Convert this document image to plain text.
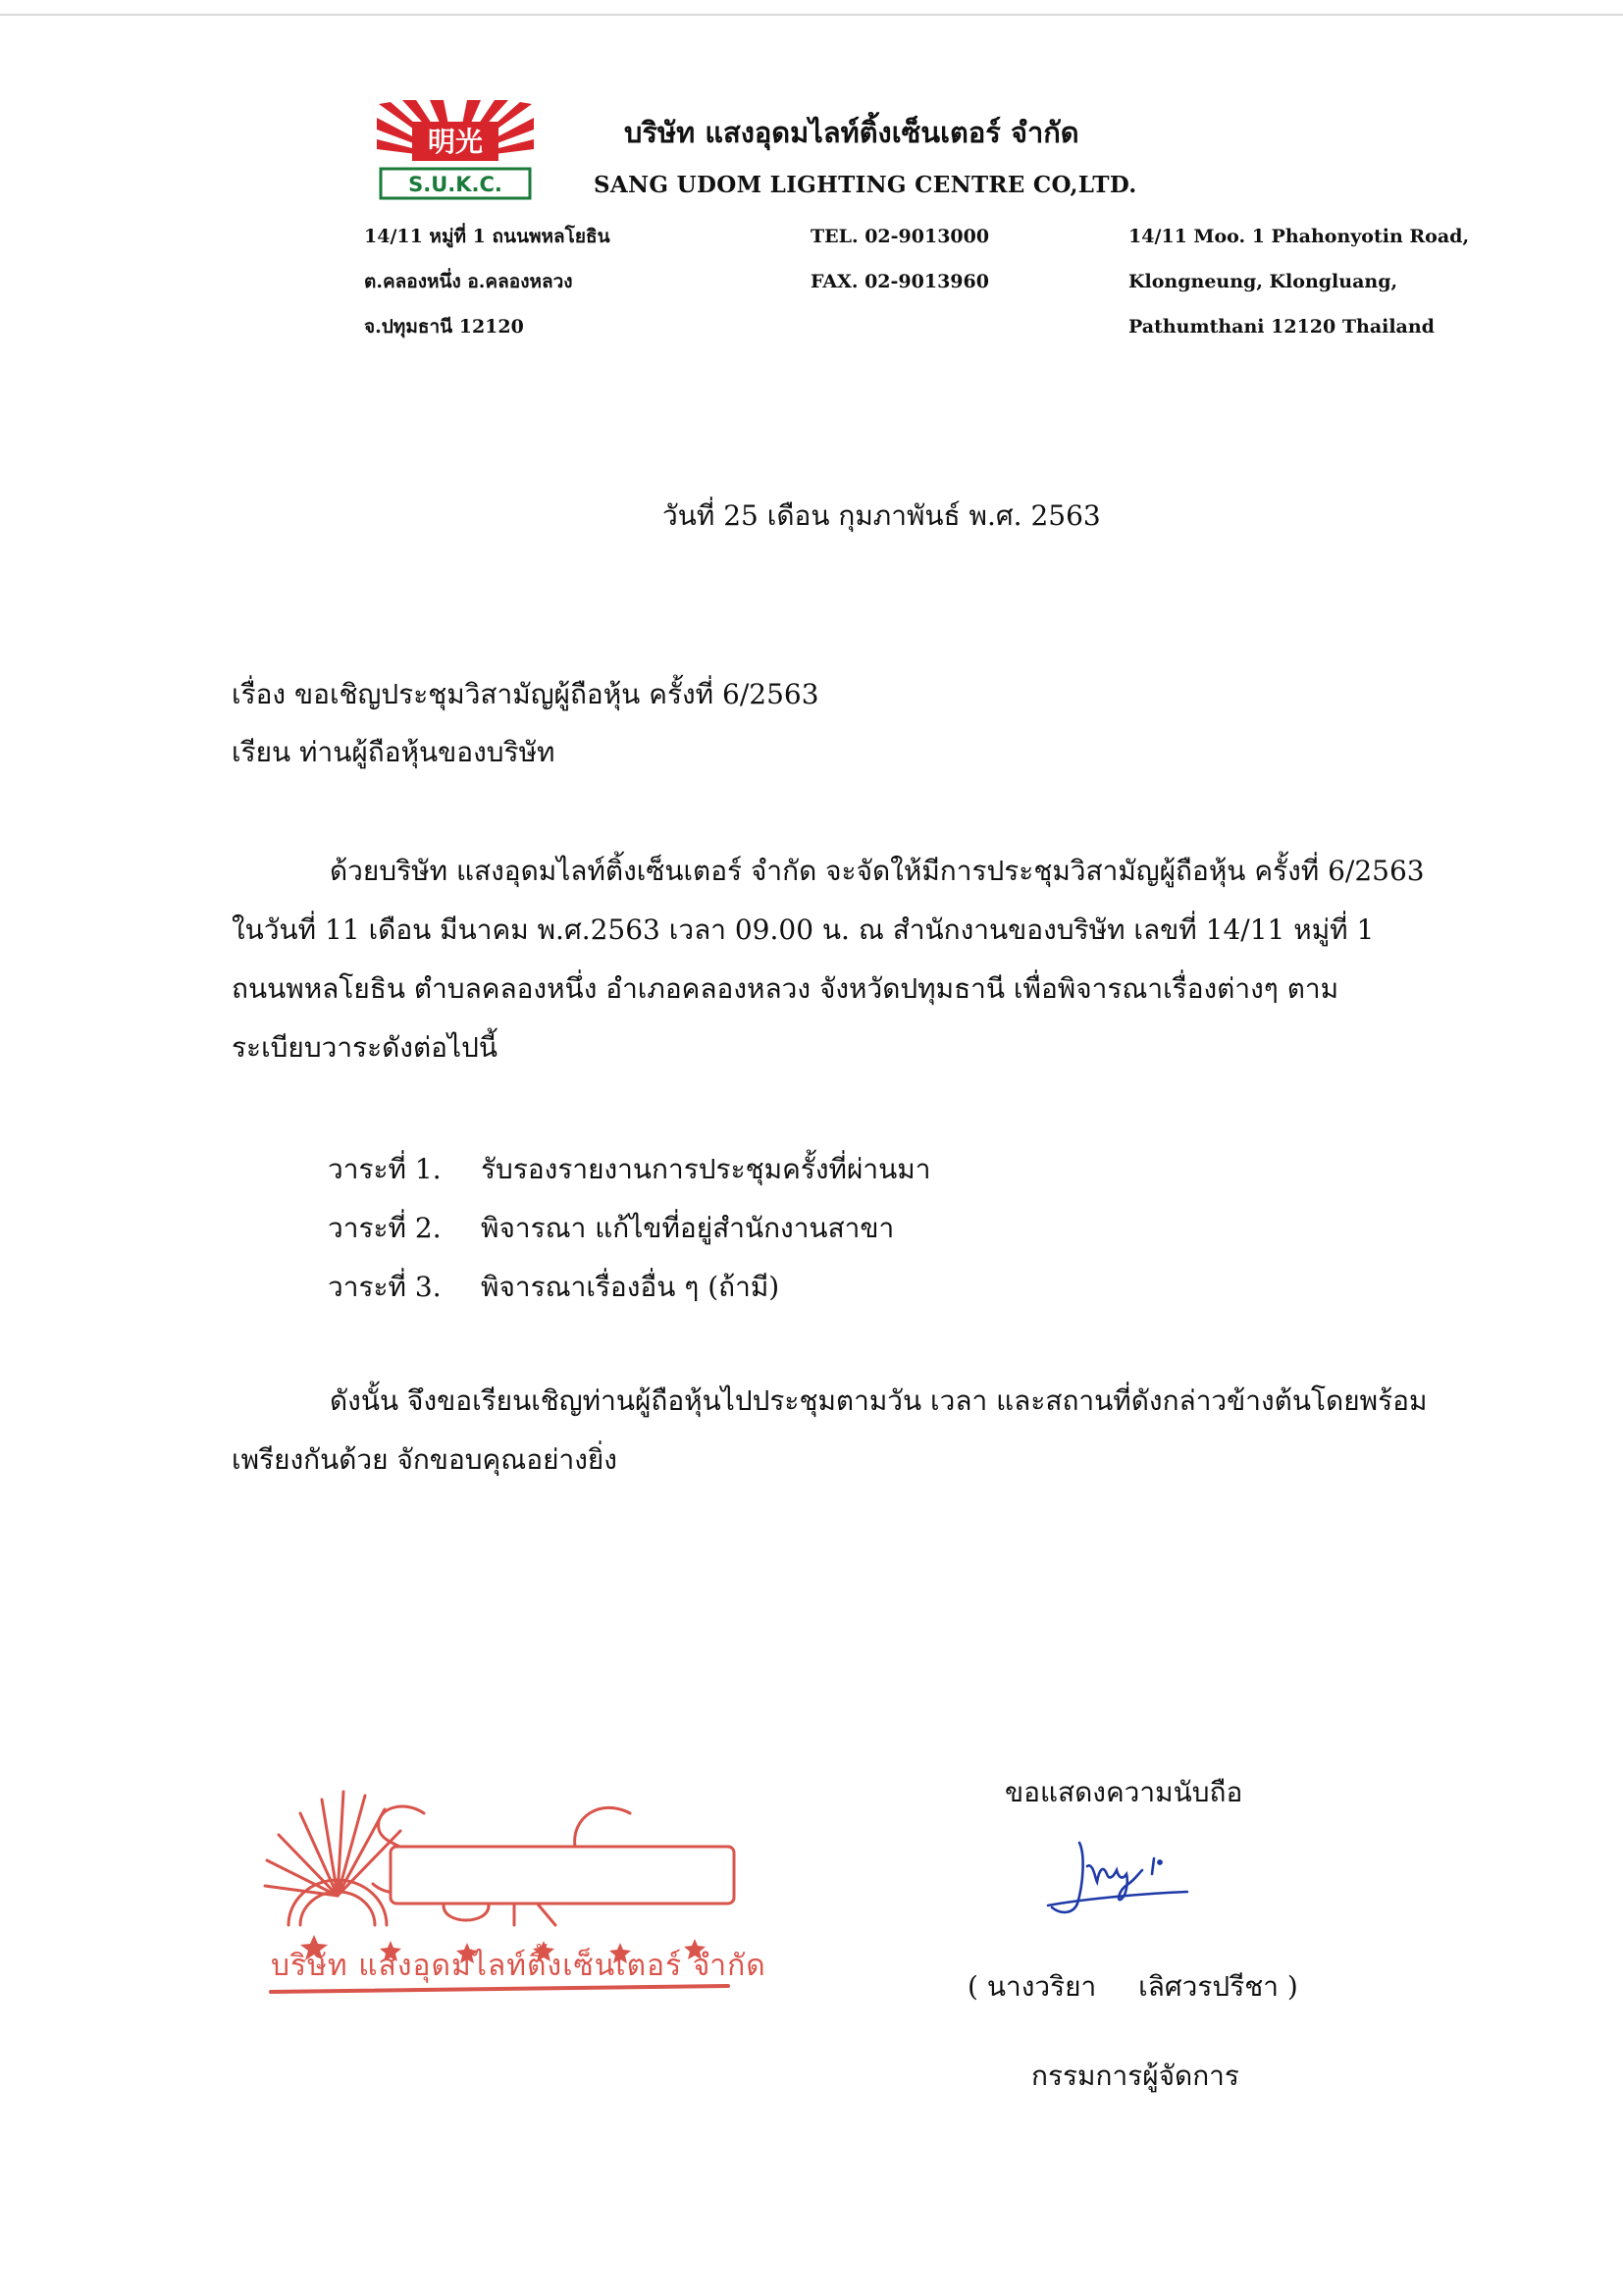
明光
S.U.K.C.
บริษัท แสงอุดมไลท์ติ้งเซ็นเตอร์ จำกัด
SANG UDOM LIGHTING CENTRE CO,LTD.
14/11 หมู่ที่ 1 ถนนพหลโยธิน
ต.คลองหนึ่ง อ.คลองหลวง
จ.ปทุมธานี 12120
TEL. 02-9013000
FAX. 02-9013960
14/11 Moo. 1 Phahonyotin Road,
Klongneung, Klongluang,
Pathumthani 12120 Thailand
วันที่ 25 เดือน กุมภาพันธ์ พ.ศ. 2563
เรื่อง ขอเชิญประชุมวิสามัญผู้ถือหุ้น ครั้งที่ 6/2563
เรียน ท่านผู้ถือหุ้นของบริษัท
ด้วยบริษัท แสงอุดมไลท์ติ้งเซ็นเตอร์ จำกัด จะจัดให้มีการประชุมวิสามัญผู้ถือหุ้น ครั้งที่ 6/2563
ในวันที่ 11 เดือน มีนาคม พ.ศ.2563 เวลา 09.00 น. ณ สำนักงานของบริษัท เลขที่ 14/11 หมู่ที่ 1
ถนนพหลโยธิน ตำบลคลองหนึ่ง อำเภอคลองหลวง จังหวัดปทุมธานี เพื่อพิจารณาเรื่องต่างๆ ตาม
ระเบียบวาระดังต่อไปนี้
วาระที่ 1. รับรองรายงานการประชุมครั้งที่ผ่านมา
วาระที่ 2. พิจารณา แก้ไขที่อยู่สำนักงานสาขา
วาระที่ 3. พิจารณาเรื่องอื่น ๆ (ถ้ามี)
ดังนั้น จึงขอเรียนเชิญท่านผู้ถือหุ้นไปประชุมตามวัน เวลา และสถานที่ดังกล่าวข้างต้นโดยพร้อม
เพรียงกันด้วย จักขอบคุณอย่างยิ่ง
ขอแสดงความนับถือ
( นางวริยา เลิศวรปรีชา )
กรรมการผู้จัดการ
บริษัท แสงอุดมไลท์ติ้งเซ็นเตอร์ จำกัด
